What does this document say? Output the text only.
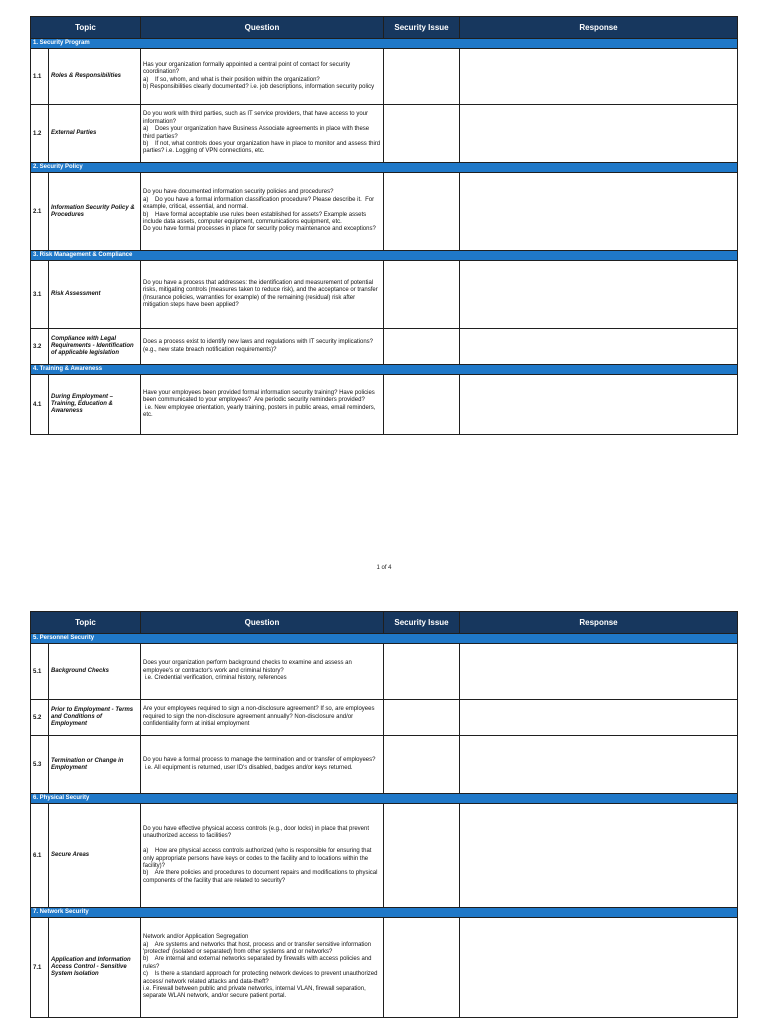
Topic		Question	Security Issue	Response
1. Security Program				
1.1	Roles & Responsibilities	Has your organization formally appointed a central point of contact for security coordination?
a)    If so, whom, and what is their position within the organization?
b) Responsibilities clearly documented? i.e. job descriptions, information security policy		

1.2	External Parties	Do you work with third parties, such as IT service providers, that have access to your information?
a)    Does your organization have Business Associate agreements in place with these third parties?
b)    If not, what controls does your organization have in place to monitor and assess third parties? i.e. Logging of VPN connections, etc.		

2. Security Policy				
2.1	Information Security Policy & Procedures	Do you have documented information security policies and procedures?
a)    Do you have a formal information classification procedure? Please describe it.  For example, critical, essential, and normal.
b)    Have formal acceptable use rules been established for assets? Example assets include data assets, computer equipment, communications equipment, etc.
Do you have formal processes in place for security policy maintenance and exceptions?		

3. Risk Management & Compliance				
3.1	Risk Assessment	Do you have a process that addresses: the identification and measurement of potential risks, mitigating controls (measures taken to reduce risk), and the acceptance or transfer (Insurance policies, warranties for example) of the remaining (residual) risk after mitigation steps have been applied?		

3.2	Compliance with Legal Requirements - Identification of applicable legislation	Does a process exist to identify new laws and regulations with IT security implications? (e.g., new state breach notification requirements)?		

4. Training & Awareness				
4.1	During Employment – Training, Education & Awareness	Have your employees been provided formal information security training? Have policies been communicated to your employees?  Are periodic security reminders provided?
i.e. New employee orientation, yearly training, posters in public areas, email reminders, etc.		

1 of 4
Topic		Question	Security Issue	Response
5. Personnel Security				
5.1	Background Checks	Does your organization perform background checks to examine and assess an employee's or contractor's work and criminal history?
i.e. Credential verification, criminal history, references		

5.2	Prior to Employment - Terms and Conditions of Employment	Are your employees required to sign a non-disclosure agreement? If so, are employees required to sign the non-disclosure agreement annually? Non-disclosure and/or confidentiality form at initial employment		

5.3	Termination or Change in Employment	Do you have a formal process to manage the termination and or transfer of employees?
i.e. All equipment is returned, user ID's disabled, badges and/or keys returned.		

6. Physical Security				
6.1	Secure Areas	Do you have effective physical access controls (e.g., door locks) in place that prevent unauthorized access to facilities?

a)    How are physical access controls authorized (who is responsible for ensuring that only appropriate persons have keys or codes to the facility and to locations within the facility)?
b)    Are there policies and procedures to document repairs and modifications to physical components of the facility that are related to security?		

7. Network Security				
7.1	Application and Information Access Control - Sensitive System Isolation	Network and/or Application Segregation
a)    Are systems and networks that host, process and or transfer sensitive information 'protected' (isolated or separated) from other systems and or networks?
b)    Are internal and external networks separated by firewalls with access policies and rules?
c)    Is there a standard approach for protecting network devices to prevent unauthorized access/ network related attacks and data-theft?
i.e. Firewall between public and private networks, internal VLAN, firewall separation, separate WLAN network, and/or secure patient portal.		
